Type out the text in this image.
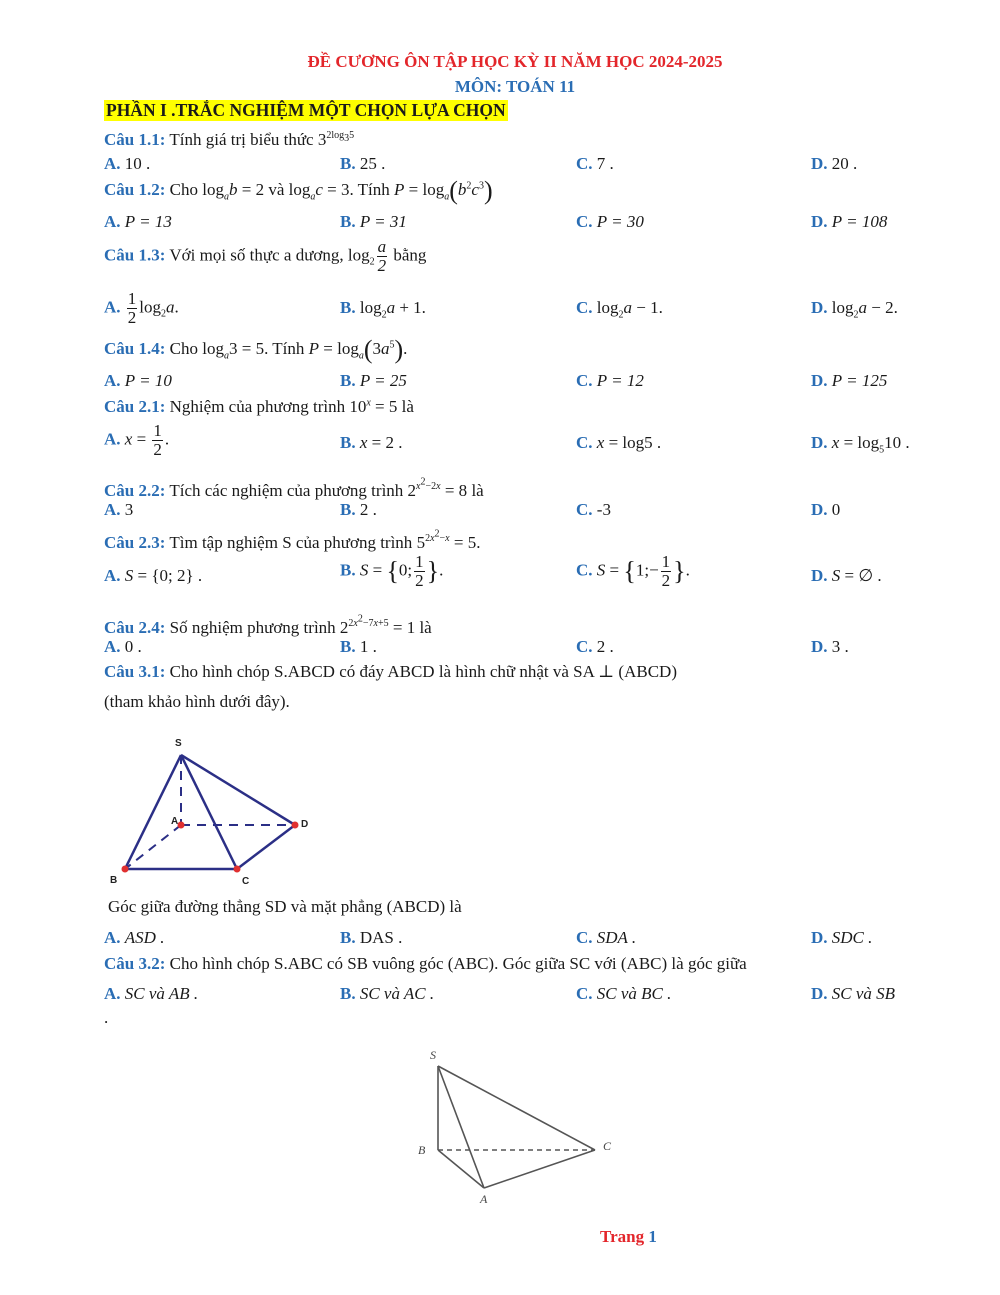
ĐỀ CƯƠNG ÔN TẬP HỌC KỲ II NĂM HỌC 2024-2025
MÔN: TOÁN 11
PHẦN I .TRẮC NGHIỆM MỘT CHỌN LỰA CHỌN
Câu 1.1: Tính giá trị biểu thức $3^{2log_35}$
A. 10 .	B. 25 .	C. 7 .	D. 20 .
Câu 1.2: Cho $\log_ab = 2$ và $\log_ac = 3$. Tính $P = \log_a(b^2c^3)$
A. P = 13	B. P = 31	C. P = 30	D. P = 108
Câu 1.3: Với mọi số thực a dương, $\log_2 \frac{a}{2}$ bằng
A. $\frac{1}{2} \log_2a$.	B. $\log_2a + 1$.	C. $\log_2a - 1$.	D. $\log_2a - 2$.
Câu 1.4: Cho $\log_a3 = 5$. Tính $P = \log_a(3a^5)$.
A. P = 10	B. P = 25	C. P = 12	D. P = 125
Câu 2.1: Nghiệm của phương trình $10^x = 5$ là
A. $x = \frac{1}{2}$ .	B. x = 2 .	C. x = log5 .	D. $x = \log_510$ .
Câu 2.2: Tích các nghiệm của phương trình $2^{x^2-2x} = 8$ là
A. 3	B. 2 .	C. -3	D. 0
Câu 2.3: Tìm tập nghiệm S của phương trình $5^{2x^2-x} = 5$.
A. S = {0; 2} .	B. S = {0; $\frac{1}{2}$ }.	C. S = {1;− $\frac{1}{2}$ }.	D. S = ∅ .
Câu 2.4: Số nghiệm phương trình $2^{2x^2-7x+5} = 1$ là
A. 0 .	B. 1 .	C. 2 .	D. 3 .
Câu 3.1: Cho hình chóp S.ABCD có đáy ABCD là hình chữ nhật và SA ⊥ (ABCD)
(tham khảo hình dưới đây).
S
A
B	C
D
Góc giữa đường thẳng SD và mặt phẳng (ABCD) là
A. ASD .	B. DAS .	C. SDA .	D. SDC .
Câu 3.2: Cho hình chóp S.ABC có SB vuông góc (ABC). Góc giữa SC với (ABC) là góc giữa
A. SC và AB .	B. SC và AC .	C. SC và BC .	D. SC và SB
.
S
B	C
A
Trang 1
